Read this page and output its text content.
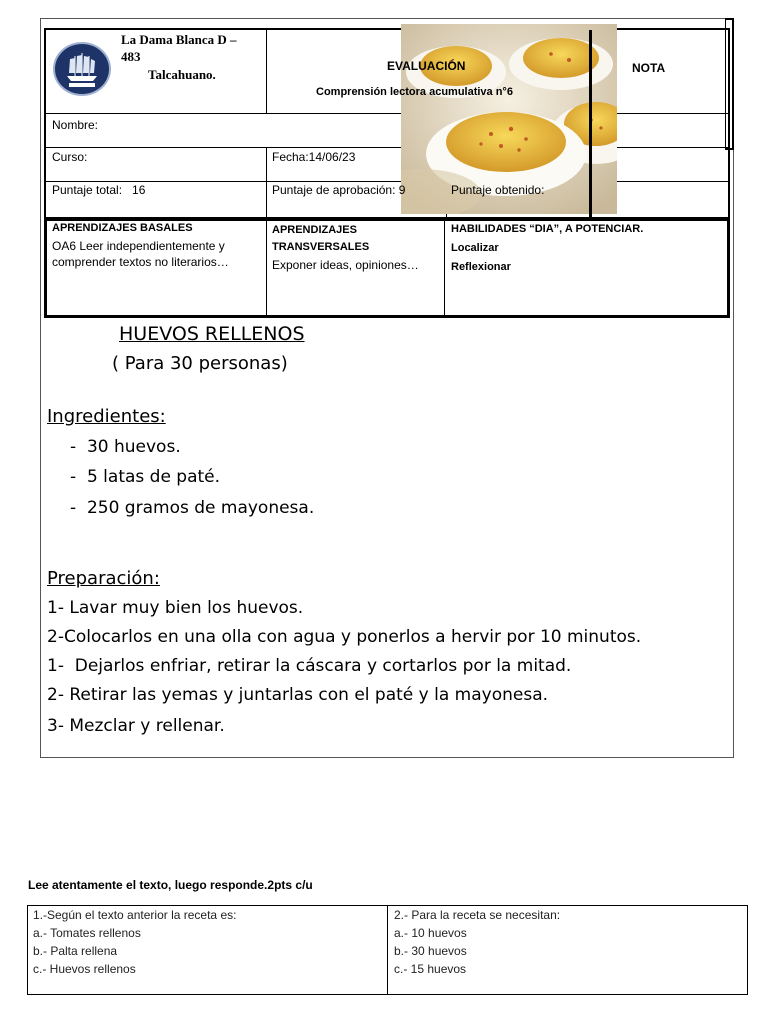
La Dama Blanca D –
483
Talcahuano.
EVALUACIÓN
Comprensión lectora acumulativa n°6
NOTA
Nombre:
Curso:	Fecha:14/06/23
Puntaje total:   16	Puntaje de aprobación: 9	Puntaje obtenido:
APRENDIZAJES BASALES
OA6 Leer independientemente y comprender textos no literarios…
APRENDIZAJES TRANSVERSALES
Exponer ideas, opiniones…
HABILIDADES “DIA”, A POTENCIAR.
Localizar
Reflexionar
HUEVOS RELLENOS
( Para 30 personas)
Ingredientes:
-  30 huevos.
-  5 latas de paté.
-  250 gramos de mayonesa.
Preparación:
1- Lavar muy bien los huevos.
2-Colocarlos en una olla con agua y ponerlos a hervir por 10 minutos.
1-  Dejarlos enfriar, retirar la cáscara y cortarlos por la mitad.
2- Retirar las yemas y juntarlas con el paté y la mayonesa.
3- Mezclar y rellenar.
Lee atentamente el texto, luego responde.2pts c/u
1.-Según el texto anterior la receta es:
a.- Tomates rellenos
b.- Palta rellena
c.- Huevos rellenos
2.- Para la receta se necesitan:
a.- 10 huevos
b.- 30 huevos
c.- 15 huevos
